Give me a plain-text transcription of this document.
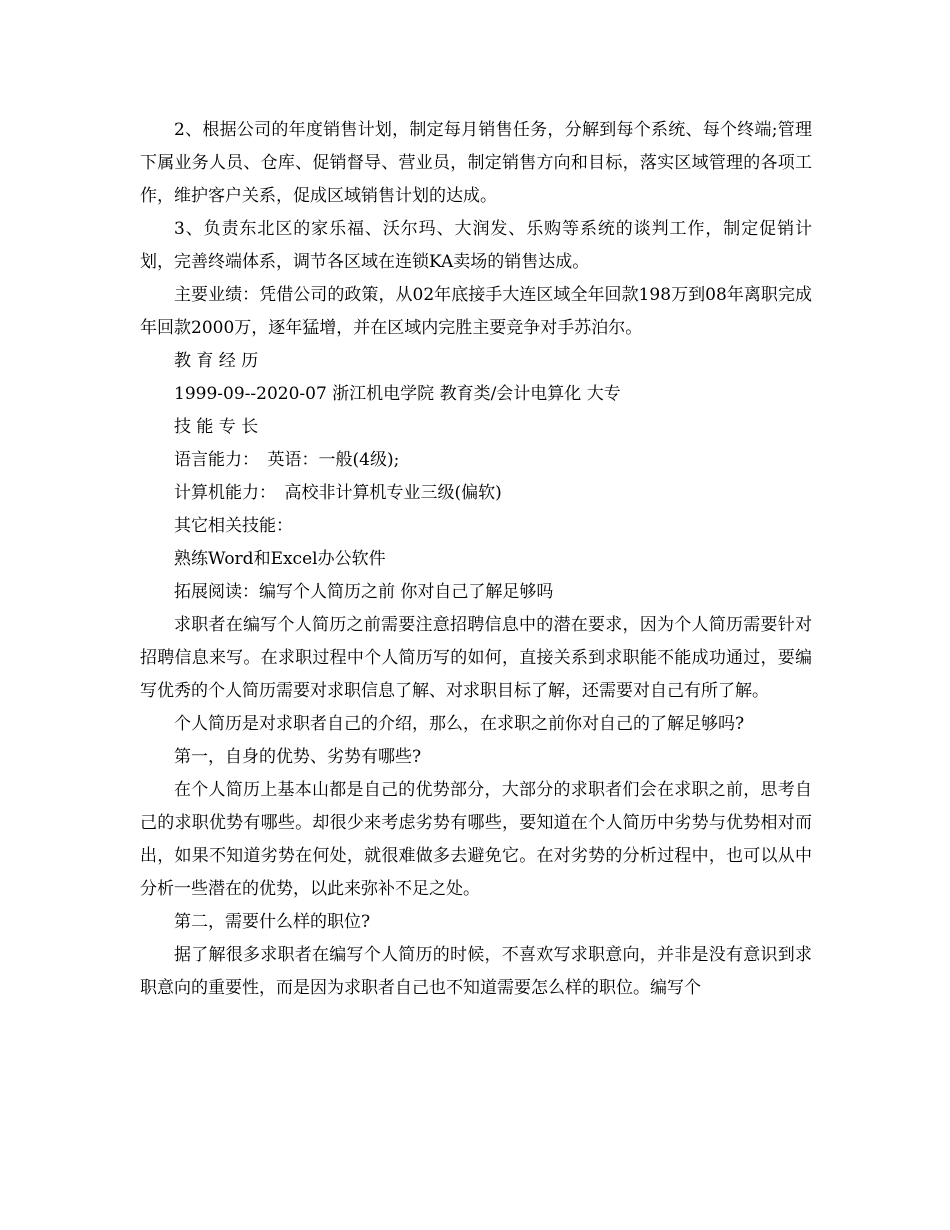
2、根据公司的年度销售计划，制定每月销售任务，分解到每个系统、每个终端;管理下属业务人员、仓库、促销督导、营业员，制定销售方向和目标，落实区域管理的各项工作，维护客户关系，促成区域销售计划的达成。

3、负责东北区的家乐福、沃尔玛、大润发、乐购等系统的谈判工作，制定促销计划，完善终端体系，调节各区域在连锁KA卖场的销售达成。

主要业绩：凭借公司的政策，从02年底接手大连区域全年回款198万到08年离职完成年回款2000万，逐年猛增，并在区域内完胜主要竞争对手苏泊尔。

教 育 经 历

1999-09--2020-07 浙江机电学院 教育类/会计电算化 大专

技 能 专 长

语言能力：　英语：一般(4级);

计算机能力：　高校非计算机专业三级(偏软)

其它相关技能：

熟练Word和Excel办公软件

拓展阅读：编写个人简历之前 你对自己了解足够吗

求职者在编写个人简历之前需要注意招聘信息中的潜在要求，因为个人简历需要针对招聘信息来写。在求职过程中个人简历写的如何，直接关系到求职能不能成功通过，要编写优秀的个人简历需要对求职信息了解、对求职目标了解，还需要对自己有所了解。

个人简历是对求职者自己的介绍，那么，在求职之前你对自己的了解足够吗?

第一，自身的优势、劣势有哪些?

在个人简历上基本山都是自己的优势部分，大部分的求职者们会在求职之前，思考自己的求职优势有哪些。却很少来考虑劣势有哪些，要知道在个人简历中劣势与优势相对而出，如果不知道劣势在何处，就很难做多去避免它。在对劣势的分析过程中，也可以从中分析一些潜在的优势，以此来弥补不足之处。

第二，需要什么样的职位?

据了解很多求职者在编写个人简历的时候，不喜欢写求职意向，并非是没有意识到求职意向的重要性，而是因为求职者自己也不知道需要怎么样的职位。编写个
